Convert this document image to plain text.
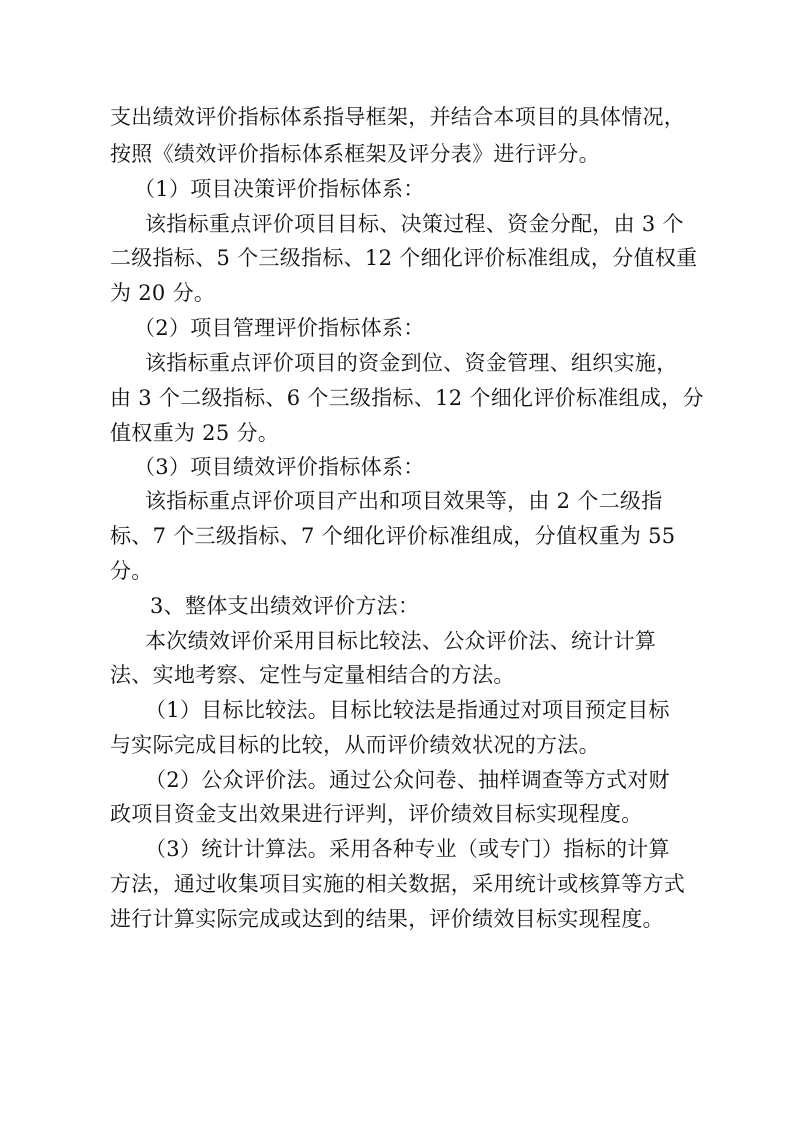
支出绩效评价指标体系指导框架，并结合本项目的具体情况，

按照《绩效评价指标体系框架及评分表》进行评分。

（1）项目决策评价指标体系：

该指标重点评价项目目标、决策过程、资金分配，由 3 个

二级指标、5 个三级指标、12 个细化评价标准组成，分值权重

为 20 分。

（2）项目管理评价指标体系：

该指标重点评价项目的资金到位、资金管理、组织实施，

由 3 个二级指标、6 个三级指标、12 个细化评价标准组成，分

值权重为 25 分。

（3）项目绩效评价指标体系：

该指标重点评价项目产出和项目效果等，由 2 个二级指

标、7 个三级指标、7 个细化评价标准组成，分值权重为 55

分。

3、整体支出绩效评价方法：

本次绩效评价采用目标比较法、公众评价法、统计计算

法、实地考察、定性与定量相结合的方法。

（1）目标比较法。目标比较法是指通过对项目预定目标

与实际完成目标的比较，从而评价绩效状况的方法。

（2）公众评价法。通过公众问卷、抽样调查等方式对财

政项目资金支出效果进行评判，评价绩效目标实现程度。

（3）统计计算法。采用各种专业（或专门）指标的计算

方法，通过收集项目实施的相关数据，采用统计或核算等方式

进行计算实际完成或达到的结果，评价绩效目标实现程度。
